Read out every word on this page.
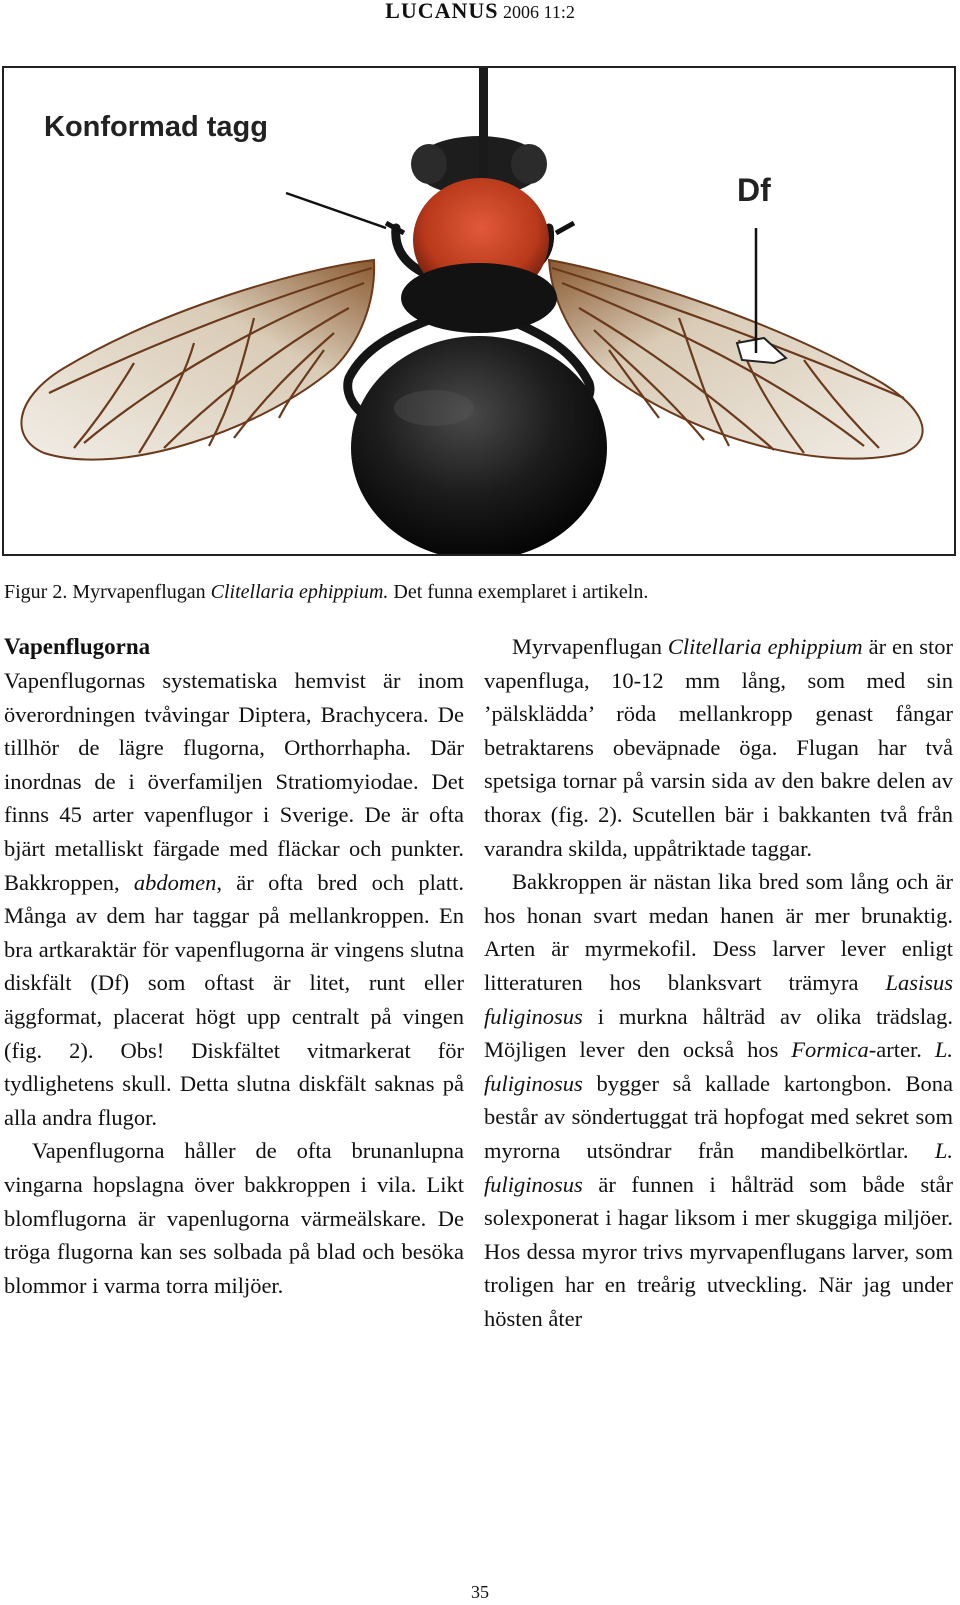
LUCANUS 2006 11:2
Konformad tagg
Df
Figur 2. Myrvapenflugan Clitellaria ephippium. Det funna exemplaret i artikeln.

Vapenflugorna

Vapenflugornas systematiska hemvist är inom överordningen tvåvingar Diptera, Brachycera. De tillhör de lägre flugorna, Orthorrhapha. Där inordnas de i överfamiljen Stratiomyiodae. Det finns 45 arter vapenflugor i Sverige. De är ofta bjärt metalliskt färgade med fläckar och punkter. Bakkroppen, abdomen, är ofta bred och platt. Många av dem har taggar på mellankroppen. En bra artkaraktär för vapenflugorna är vingens slutna diskfält (Df) som oftast är litet, runt eller äggformat, placerat högt upp centralt på vingen (fig. 2). Obs! Diskfältet vitmarkerat för tydlighetens skull. Detta slutna diskfält saknas på alla andra flugor.

Vapenflugorna håller de ofta brunanlupna vingarna hopslagna över bakkroppen i vila. Likt blomflugorna är vapenlugorna värmeälskare. De tröga flugorna kan ses solbada på blad och besöka blommor i varma torra miljöer.

Myrvapenflugan Clitellaria ephippium är en stor vapenfluga, 10-12 mm lång, som med sin ’pälsklädda’ röda mellankropp genast fångar betraktarens obeväpnade öga. Flugan har två spetsiga tornar på varsin sida av den bakre delen av thorax (fig. 2). Scutellen bär i bakkanten två från varandra skilda, uppåtriktade taggar.

Bakkroppen är nästan lika bred som lång och är hos honan svart medan hanen är mer brunaktig. Arten är myrmekofil. Dess larver lever enligt litteraturen hos blanksvart trämyra Lasisus fuliginosus i murkna hålträd av olika trädslag. Möjligen lever den också hos Formica-arter. L. fuliginosus bygger så kallade kartongbon. Bona består av söndertuggat trä hopfogat med sekret som myrorna utsöndrar från mandibelkörtlar. L. fuliginosus är funnen i hålträd som både står solexponerat i hagar liksom i mer skuggiga miljöer. Hos dessa myror trivs myrvapenflugans larver, som troligen har en treårig utveckling. När jag under hösten åter

35
